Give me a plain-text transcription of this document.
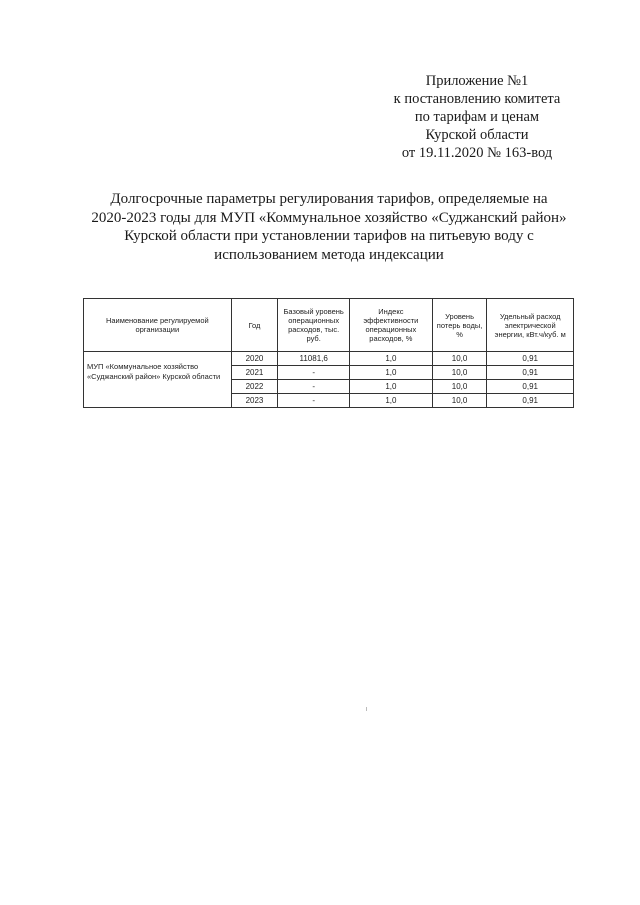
Приложение №1
к постановлению комитета
по тарифам и ценам
Курской области
от 19.11.2020 № 163-вод
Долгосрочные параметры регулирования тарифов, определяемые на
2020-2023 годы для МУП «Коммунальное хозяйство «Суджанский район»
Курской области при установлении тарифов на питьевую воду с
использованием метода индексации
Наименование регулируемой организации	Год	Базовый уровень операционных расходов, тыс. руб.	Индекс эффективности операционных расходов, %	Уровень потерь воды, %	Удельный расход электрической энергии, кВт.ч/куб. м
МУП «Коммунальное хозяйство «Суджанский район» Курской области	2020	11081,6	1,0	10,0	0,91
	2021	-	1,0	10,0	0,91
	2022	-	1,0	10,0	0,91
	2023	-	1,0	10,0	0,91
